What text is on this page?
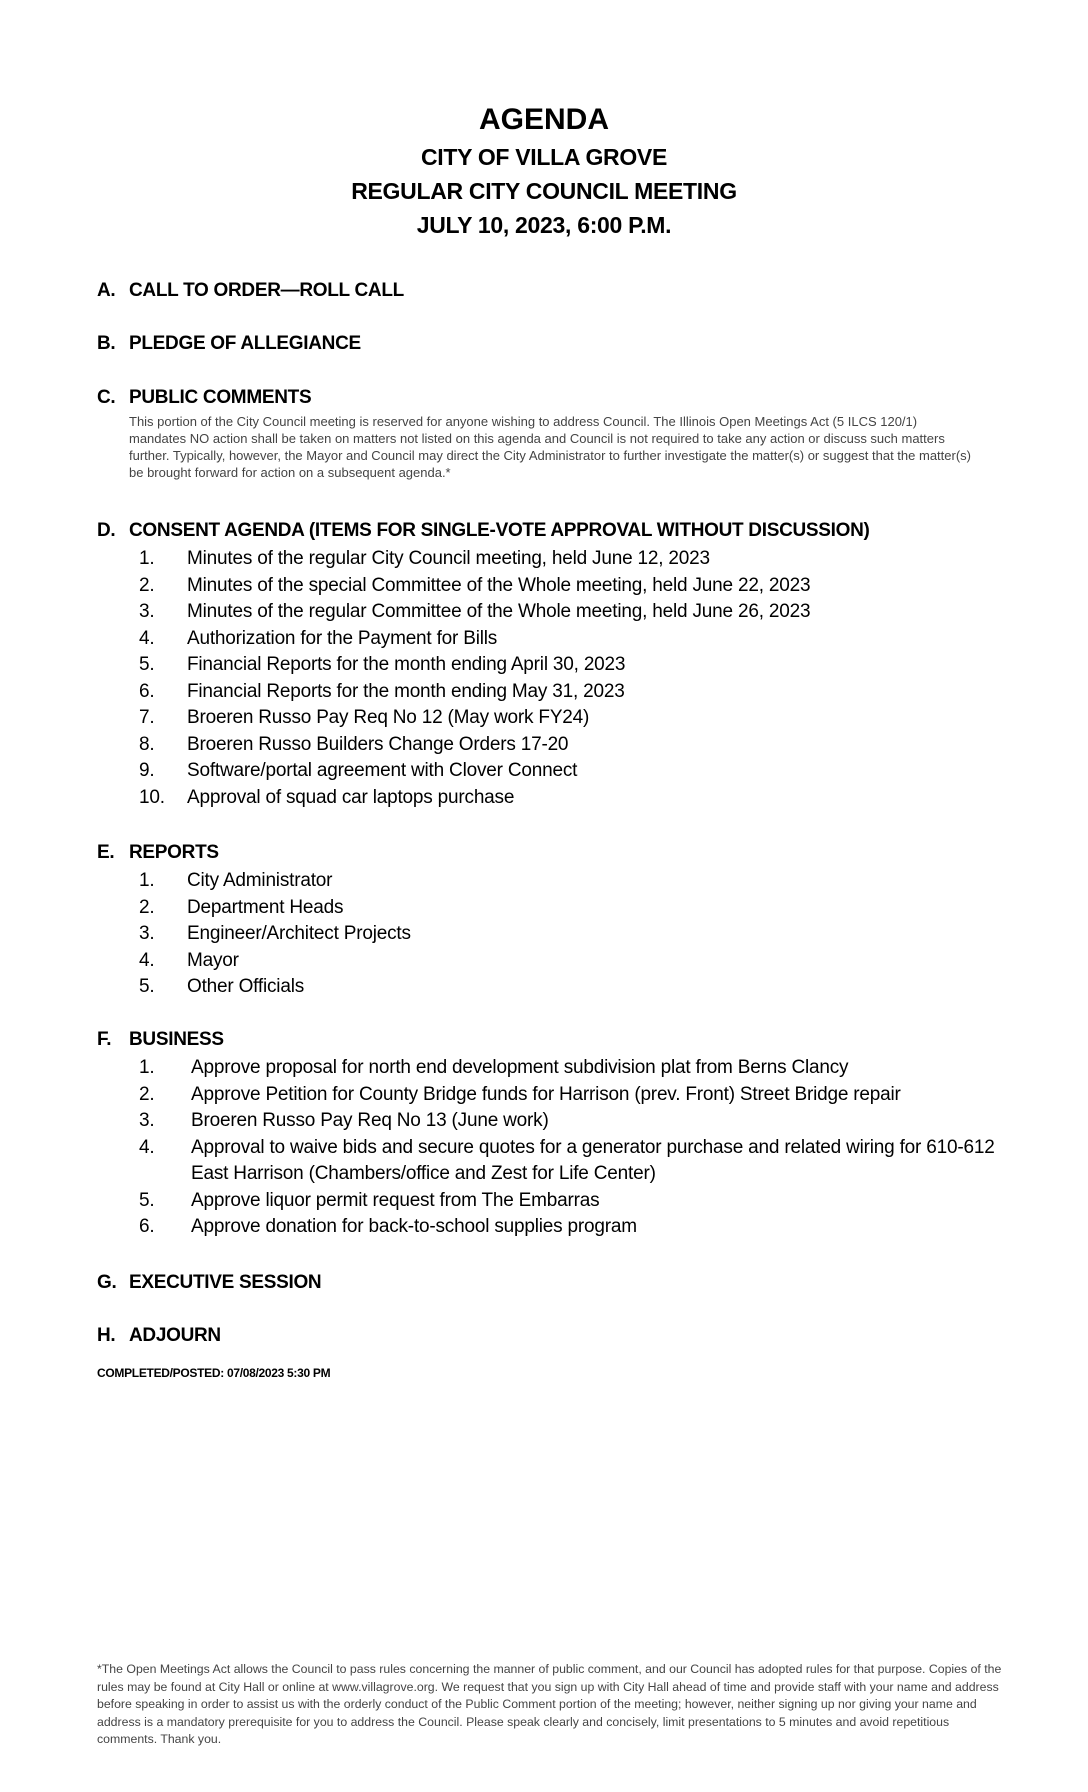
AGENDA
CITY OF VILLA GROVE
REGULAR CITY COUNCIL MEETING
JULY 10, 2023, 6:00 P.M.
A. CALL TO ORDER—ROLL CALL
B. PLEDGE OF ALLEGIANCE
C. PUBLIC COMMENTS
This portion of the City Council meeting is reserved for anyone wishing to address Council. The Illinois Open Meetings Act (5 ILCS 120/1) mandates NO action shall be taken on matters not listed on this agenda and Council is not required to take any action or discuss such matters further. Typically, however, the Mayor and Council may direct the City Administrator to further investigate the matter(s) or suggest that the matter(s) be brought forward for action on a subsequent agenda.*
D. CONSENT AGENDA (ITEMS FOR SINGLE-VOTE APPROVAL WITHOUT DISCUSSION)
1.	Minutes of the regular City Council meeting, held June 12, 2023
2.	Minutes of the special Committee of the Whole meeting, held June 22, 2023
3.	Minutes of the regular Committee of the Whole meeting, held June 26, 2023
4.	Authorization for the Payment for Bills
5.	Financial Reports for the month ending April 30, 2023
6.	Financial Reports for the month ending May 31, 2023
7.	Broeren Russo Pay Req No 12 (May work FY24)
8.	Broeren Russo Builders Change Orders 17-20
9.	Software/portal agreement with Clover Connect
10.	Approval of squad car laptops purchase
E. REPORTS
1.	City Administrator
2.	Department Heads
3.	Engineer/Architect Projects
4.	Mayor
5.	Other Officials
F. BUSINESS
1.	Approve proposal for north end development subdivision plat from Berns Clancy
2.	Approve Petition for County Bridge funds for Harrison (prev. Front) Street Bridge repair
3.	Broeren Russo Pay Req No 13 (June work)
4.	Approval to waive bids and secure quotes for a generator purchase and related wiring for 610-612 East Harrison (Chambers/office and Zest for Life Center)
5.	Approve liquor permit request from The Embarras
6.	Approve donation for back-to-school supplies program
G. EXECUTIVE SESSION
H. ADJOURN
COMPLETED/POSTED: 07/08/2023 5:30 PM
*The Open Meetings Act allows the Council to pass rules concerning the manner of public comment, and our Council has adopted rules for that purpose. Copies of the rules may be found at City Hall or online at www.villagrove.org. We request that you sign up with City Hall ahead of time and provide staff with your name and address before speaking in order to assist us with the orderly conduct of the Public Comment portion of the meeting; however, neither signing up nor giving your name and address is a mandatory prerequisite for you to address the Council. Please speak clearly and concisely, limit presentations to 5 minutes and avoid repetitious comments. Thank you.
